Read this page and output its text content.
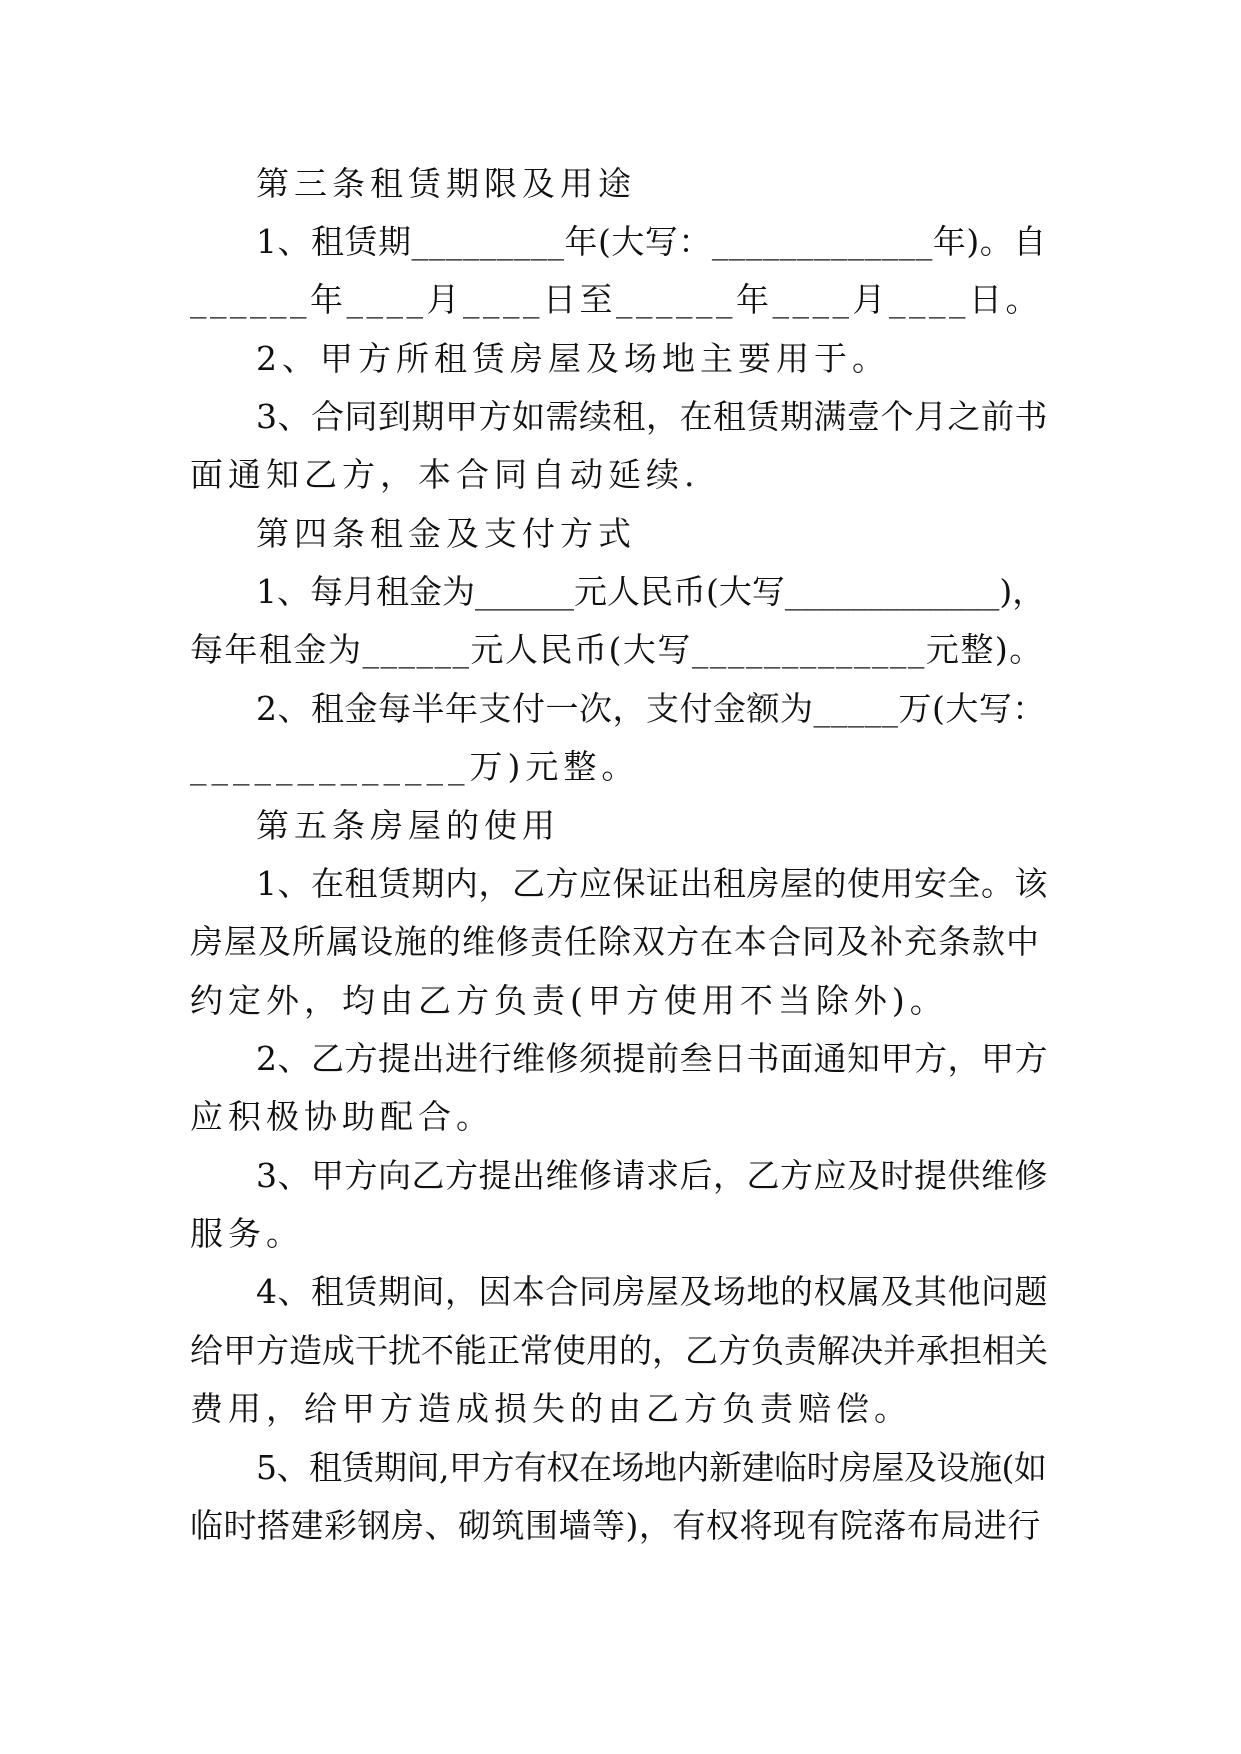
第三条租赁期限及用途
1、租赁期_________年(大写：_____________年)。自
______年____月____日至______年____月____日。
2、甲方所租赁房屋及场地主要用于。
3、合同到期甲方如需续租，在租赁期满壹个月之前书
面通知乙方，本合同自动延续.
第四条租金及支付方式
1、每月租金为______元人民币(大写_____________)，
每年租金为______元人民币(大写_____________元整)。
2、租金每半年支付一次，支付金额为_____万(大写：
_____________万)元整。
第五条房屋的使用
1、在租赁期内，乙方应保证出租房屋的使用安全。该
房屋及所属设施的维修责任除双方在本合同及补充条款中
约定外，均由乙方负责(甲方使用不当除外)。
2、乙方提出进行维修须提前叁日书面通知甲方，甲方
应积极协助配合。
3、甲方向乙方提出维修请求后，乙方应及时提供维修
服务。
4、租赁期间，因本合同房屋及场地的权属及其他问题
给甲方造成干扰不能正常使用的，乙方负责解决并承担相关
费用，给甲方造成损失的由乙方负责赔偿。
5、租赁期间,甲方有权在场地内新建临时房屋及设施(如
临时搭建彩钢房、砌筑围墙等)，有权将现有院落布局进行
